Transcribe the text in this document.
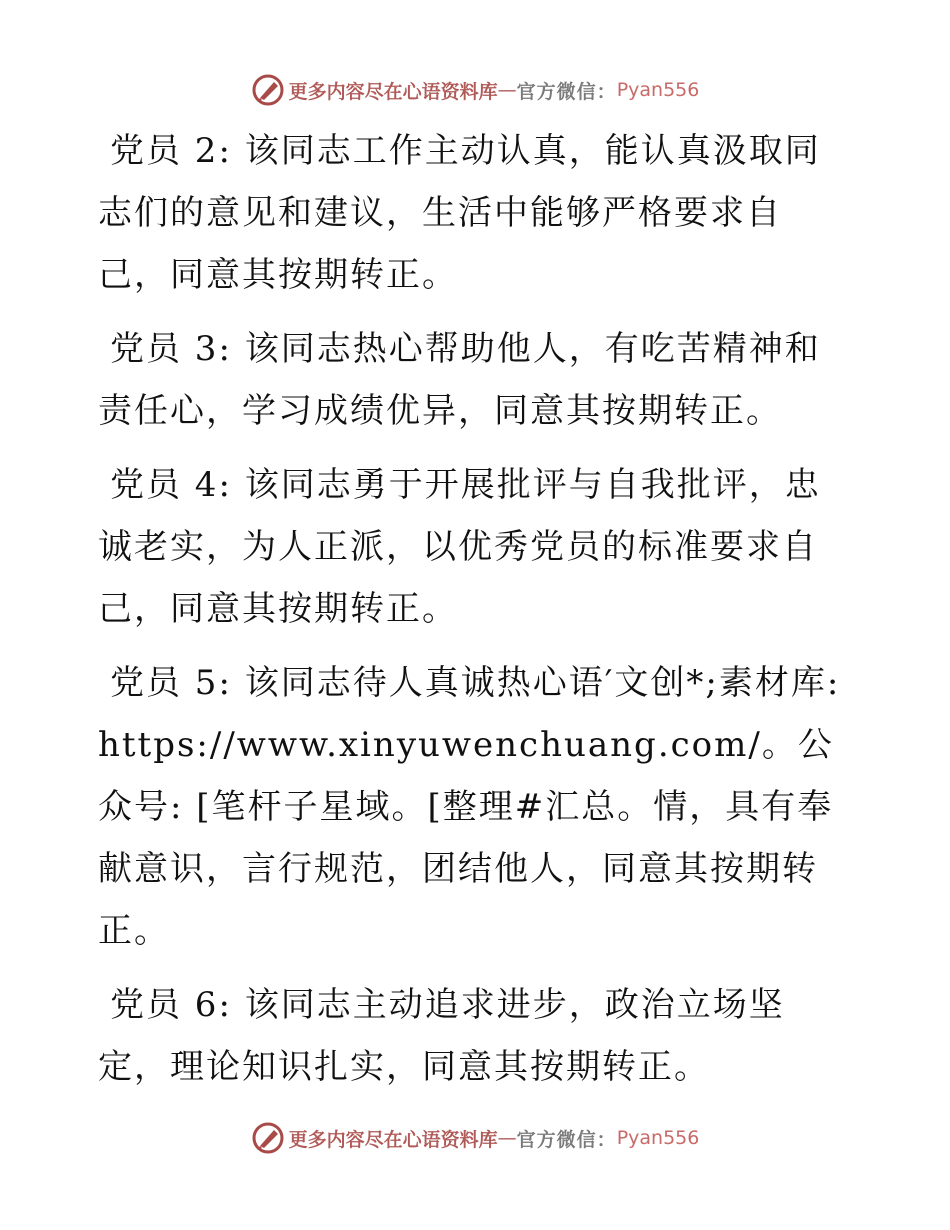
更多内容尽在心语资料库 — 官方微信： Pyan556

党员 2: 该同志工作主动认真，能认真汲取同志们的意见和建议，生活中能够严格要求自己，同意其按期转正。

党员 3: 该同志热心帮助他人，有吃苦精神和责任心，学习成绩优异，同意其按期转正。

党员 4: 该同志勇于开展批评与自我批评，忠诚老实，为人正派，以优秀党员的标准要求自己，同意其按期转正。

党员 5: 该同志待人真诚热心语′文创*;素材库: https://www.xinyuwenchuang.com/。公众号: [笔杆子星域。[整理#汇总。情，具有奉献意识，言行规范，团结他人，同意其按期转正。

党员 6: 该同志主动追求进步，政治立场坚定，理论知识扎实，同意其按期转正。

更多内容尽在心语资料库 — 官方微信： Pyan556
